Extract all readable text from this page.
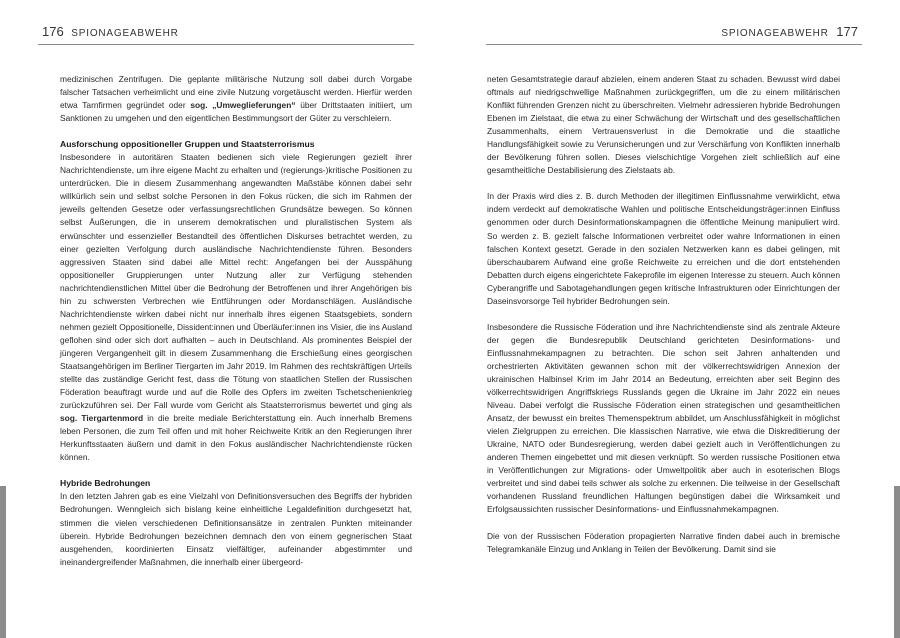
176 SPIONAGEABWEHR

medizinischen Zentrifugen. Die geplante militärische Nutzung soll dabei durch Vorgabe falscher Tatsachen verheimlicht und eine zivile Nutzung vorgetäuscht werden. Hierfür werden etwa Tarnfirmen gegründet oder sog. „Umweglieferungen“ über Drittstaaten initiiert, um Sanktionen zu umgehen und den eigentlichen Bestimmungsort der Güter zu verschleiern.

Ausforschung oppositioneller Gruppen und Staatsterrorismus

Insbesondere in autoritären Staaten bedienen sich viele Regierungen gezielt ihrer Nachrichtendienste, um ihre eigene Macht zu erhalten und (regierungs-)kritische Positionen zu unterdrücken. Die in diesem Zusammenhang angewandten Maßstäbe können dabei sehr willkürlich sein und selbst solche Personen in den Fokus rücken, die sich im Rahmen der jeweils geltenden Gesetze oder verfassungsrechtlichen Grundsätze bewegen. So können selbst Äußerungen, die in unserem demokratischen und pluralistischen System als erwünschter und essenzieller Bestandteil des öffentlichen Diskurses betrachtet werden, zu einer gezielten Verfolgung durch ausländische Nachrichtendienste führen. Besonders aggressiven Staaten sind dabei alle Mittel recht: Angefangen bei der Ausspähung oppositioneller Gruppierungen unter Nutzung aller zur Verfügung stehenden nachrichtendienstlichen Mittel über die Bedrohung der Betroffenen und ihrer Angehörigen bis hin zu schwersten Verbrechen wie Entführungen oder Mordanschlägen. Ausländische Nachrichtendienste wirken dabei nicht nur innerhalb ihres eigenen Staatsgebiets, sondern nehmen gezielt Oppositionelle, Dissident:innen und Überläufer:innen ins Visier, die ins Ausland geflohen sind oder sich dort aufhalten – auch in Deutschland. Als prominentes Beispiel der jüngeren Vergangenheit gilt in diesem Zusammenhang die Erschießung eines georgischen Staatsangehörigen im Berliner Tiergarten im Jahr 2019. Im Rahmen des rechtskräftigen Urteils stellte das zuständige Gericht fest, dass die Tötung von staatlichen Stellen der Russischen Föderation beauftragt wurde und auf die Rolle des Opfers im zweiten Tschetschenienkrieg zurückzuführen sei. Der Fall wurde vom Gericht als Staatsterrorismus bewertet und ging als sog. Tiergartenmord in die breite mediale Berichterstattung ein. Auch innerhalb Bremens leben Personen, die zum Teil offen und mit hoher Reichweite Kritik an den Regierungen ihrer Herkunftsstaaten äußern und damit in den Fokus ausländischer Nachrichtendienste rücken können.

Hybride Bedrohungen

In den letzten Jahren gab es eine Vielzahl von Definitionsversuchen des Begriffs der hybriden Bedrohungen. Wenngleich sich bislang keine einheitliche Legaldefinition durchgesetzt hat, stimmen die vielen verschiedenen Definitionsansätze in zentralen Punkten miteinander überein. Hybride Bedrohungen bezeichnen demnach den von einem gegnerischen Staat ausgehenden, koordinierten Einsatz vielfältiger, aufeinander abgestimmter und ineinandergreifender Maßnahmen, die innerhalb einer übergeord-

SPIONAGEABWEHR 177

neten Gesamtstrategie darauf abzielen, einem anderen Staat zu schaden. Bewusst wird dabei oftmals auf niedrigschwellige Maßnahmen zurückgegriffen, um die zu einem militärischen Konflikt führenden Grenzen nicht zu überschreiten. Vielmehr adressieren hybride Bedrohungen Ebenen im Zielstaat, die etwa zu einer Schwächung der Wirtschaft und des gesellschaftlichen Zusammenhalts, einem Vertrauensverlust in die Demokratie und die staatliche Handlungsfähigkeit sowie zu Verunsicherungen und zur Verschärfung von Konflikten innerhalb der Bevölkerung führen sollen. Dieses vielschichtige Vorgehen zielt schließlich auf eine gesamtheitliche Destabilisierung des Zielstaats ab.

In der Praxis wird dies z. B. durch Methoden der illegitimen Einflussnahme verwirklicht, etwa indem verdeckt auf demokratische Wahlen und politische Entscheidungsträger:innen Einfluss genommen oder durch Desinformationskampagnen die öffentliche Meinung manipuliert wird. So werden z. B. gezielt falsche Informationen verbreitet oder wahre Informationen in einen falschen Kontext gesetzt. Gerade in den sozialen Netzwerken kann es dabei gelingen, mit überschaubarem Aufwand eine große Reichweite zu erreichen und die dort entstehenden Debatten durch eigens eingerichtete Fakeprofile im eigenen Interesse zu steuern. Auch können Cyberangriffe und Sabotagehandlungen gegen kritische Infrastrukturen oder Einrichtungen der Daseinsvorsorge Teil hybrider Bedrohungen sein.

Insbesondere die Russische Föderation und ihre Nachrichtendienste sind als zentrale Akteure der gegen die Bundesrepublik Deutschland gerichteten Desinformations- und Einflussnahmekampagnen zu betrachten. Die schon seit Jahren anhaltenden und orchestrierten Aktivitäten gewannen schon mit der völkerrechtswidrigen Annexion der ukrainischen Halbinsel Krim im Jahr 2014 an Bedeutung, erreichten aber seit Beginn des völkerrechtswidrigen Angriffskriegs Russlands gegen die Ukraine im Jahr 2022 ein neues Niveau. Dabei verfolgt die Russische Föderation einen strategischen und gesamtheitlichen Ansatz, der bewusst ein breites Themenspektrum abbildet, um Anschlussfähigkeit in möglichst vielen Zielgruppen zu erreichen. Die klassischen Narrative, wie etwa die Diskreditierung der Ukraine, NATO oder Bundesregierung, werden dabei gezielt auch in Veröffentlichungen zu anderen Themen eingebettet und mit diesen verknüpft. So werden russische Positionen etwa in Veröffentlichungen zur Migrations- oder Umweltpolitik aber auch in esoterischen Blogs verbreitet und sind dabei teils schwer als solche zu erkennen. Die teilweise in der Gesellschaft vorhandenen Russland freundlichen Haltungen begünstigen dabei die Wirksamkeit und Erfolgsaussichten russischer Desinformations- und Einflussnahmekampagnen.

Die von der Russischen Föderation propagierten Narrative finden dabei auch in bremische Telegramkanäle Einzug und Anklang in Teilen der Bevölkerung. Damit sind sie
